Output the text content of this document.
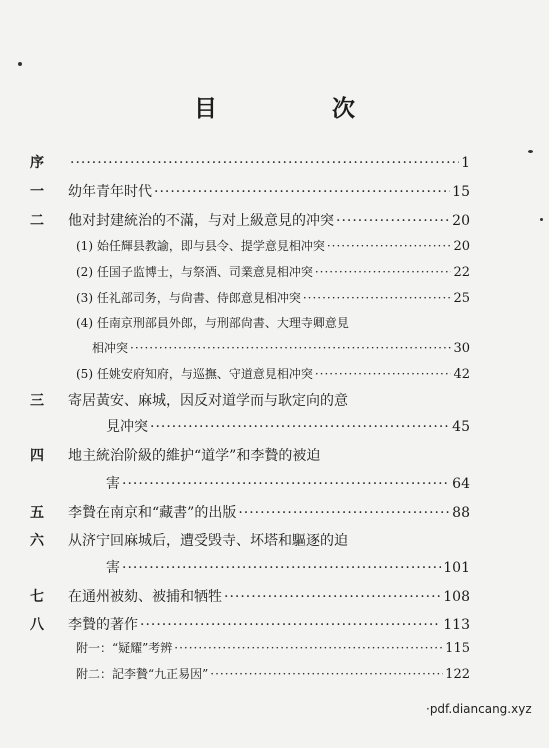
目　次
序 ·····	1
一	幼年青年时代 ·····	15
二	他对封建統治的不滿，与对上級意見的冲突 ·····	20
(1) 始任輝县教諭，即与县令、提学意見相冲突 ·····	20
(2) 任国子监博士，与祭酒、司業意見相冲突 ·····	22
(3) 任礼部司务，与尙書、侍郎意見相冲突 ·····	25
(4) 任南京刑部員外郎，与刑部尙書、大理寺卿意見
相冲突 ·····	30
(5) 任姚安府知府，与巡撫、守道意見相冲突 ·····	42
三	寄居黃安、麻城，因反对道学而与耿定向的意
見冲突 ·····	45
四	地主統治阶級的維护“道学”和李贄的被迫
害 ·····	64
五	李贄在南京和“藏書”的出版 ·····	88
六	从济宁回麻城后，遭受毁寺、坏塔和驅逐的迫
害 ·····	101
七	在通州被劾、被捕和牺牲 ·····	108
八	李贄的著作 ·····	113
附一：“疑耀”考辨 ·····	115
附二：記李贄“九正易因” ·····	122
·pdf.diancang.xyz
